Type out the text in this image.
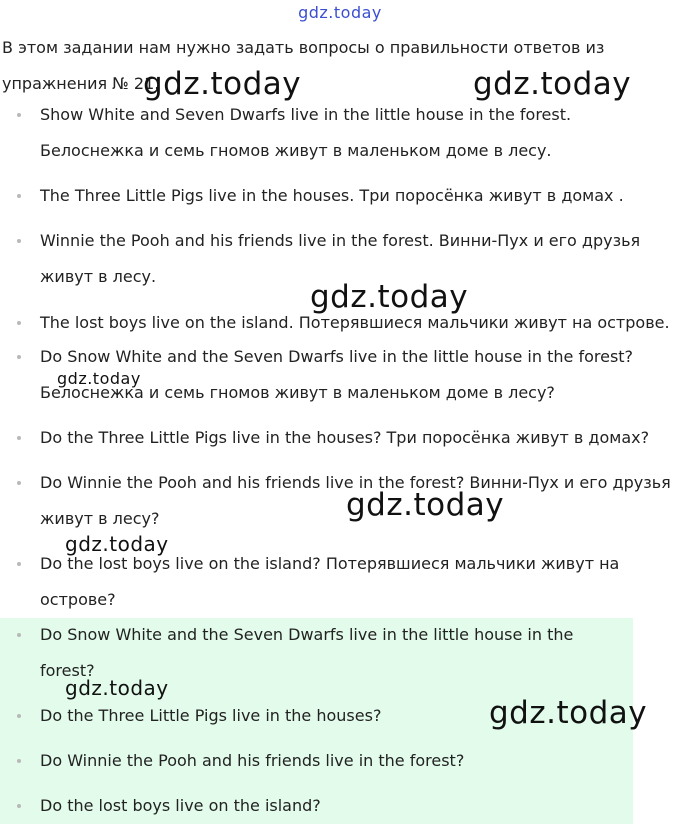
gdz.today
В этом задании нам нужно задать вопросы о правильности ответов из упражнения № 21.
Show White and Seven Dwarfs live in the little house in the forest. Белоснежка и семь гномов живут в маленьком доме в лесу.
The Three Little Pigs live in the houses. Три поросёнка живут в домах .
Winnie the Pooh and his friends live in the forest. Винни-Пух и его друзья живут в лесу.
The lost boys live on the island. Потерявшиеся мальчики живут на острове.
Do Snow White and the Seven Dwarfs live in the little house in the forest? Белоснежка и семь гномов живут в маленьком доме в лесу?
Do the Three Little Pigs live in the houses? Три поросёнка живут в домах?
Do Winnie the Pooh and his friends live in the forest? Винни-Пух и его друзья живут в лесу?
Do the lost boys live on the island? Потерявшиеся мальчики живут на острове?
Do Snow White and the Seven Dwarfs live in the little house in the forest?
Do the Three Little Pigs live in the houses?
Do Winnie the Pooh and his friends live in the forest?
Do the lost boys live on the island?
gdz.today	gdz.today
gdz.today
gdz.today
gdz.today
gdz.today
gdz.today
gdz.today
